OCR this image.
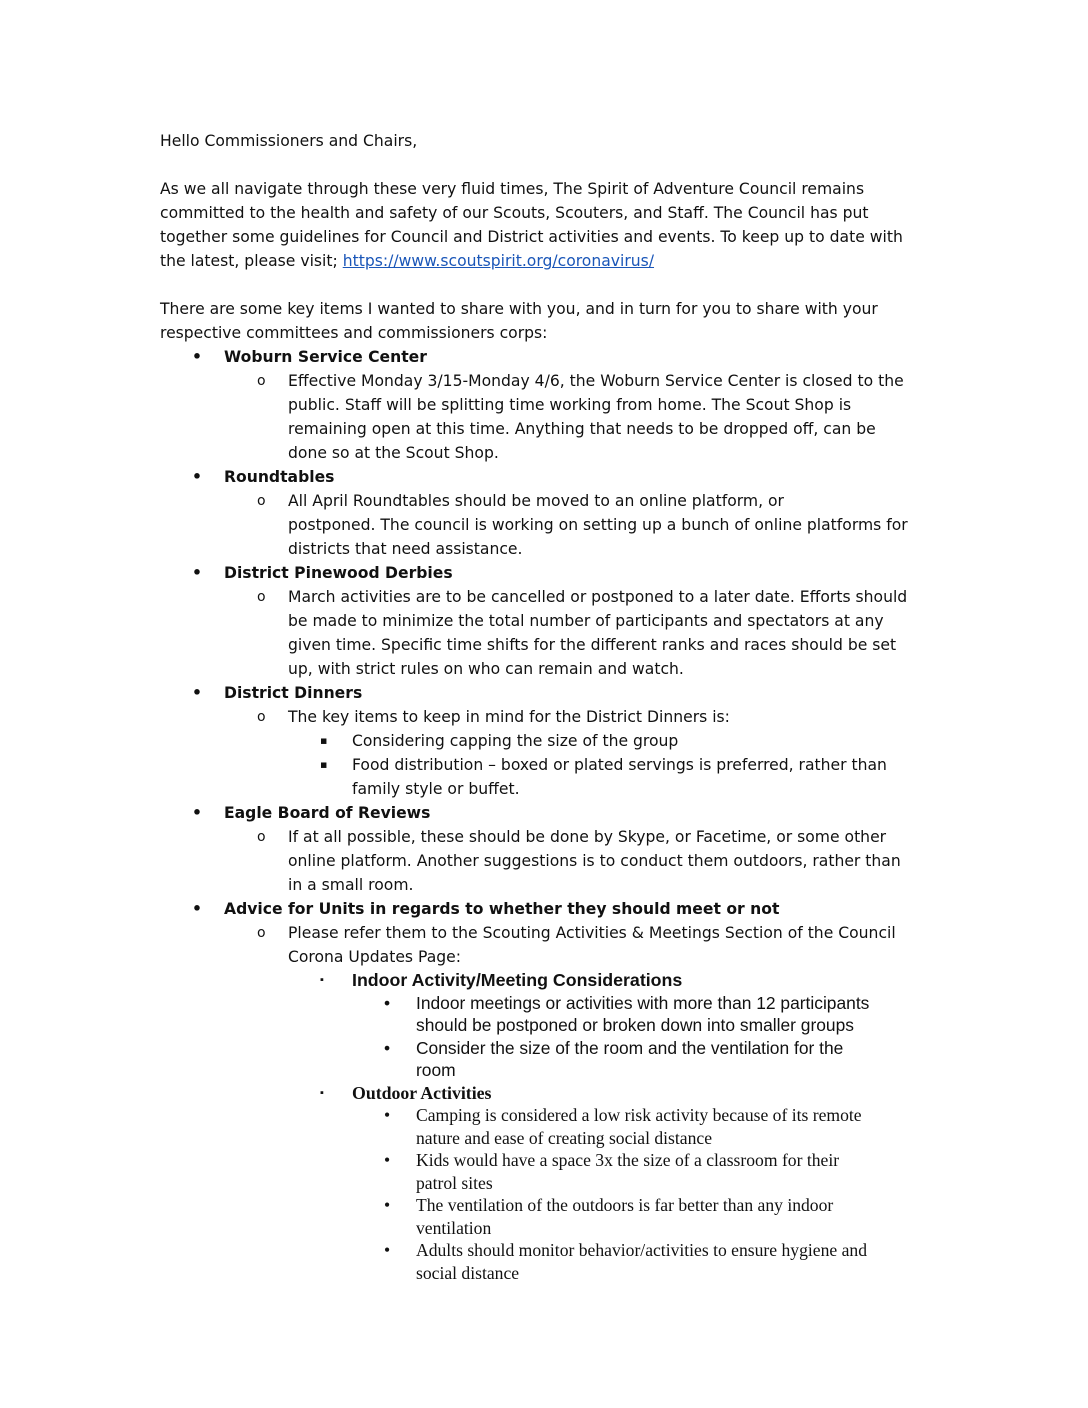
Hello Commissioners and Chairs,

As we all navigate through these very fluid times, The Spirit of Adventure Council remains

committed to the health and safety of our Scouts, Scouters, and Staff. The Council has put

together some guidelines for Council and District activities and events. To keep up to date with

the latest, please visit; https://www.scoutspirit.org/coronavirus/

There are some key items I wanted to share with you, and in turn for you to share with your

respective committees and commissioners corps:

•	Woburn Service Center
o	Effective Monday 3/15-Monday 4/6, the Woburn Service Center is closed to the
public. Staff will be splitting time working from home. The Scout Shop is
remaining open at this time. Anything that needs to be dropped off, can be
done so at the Scout Shop.
•	Roundtables
o	All April Roundtables should be moved to an online platform, or
postponed. The council is working on setting up a bunch of online platforms for
districts that need assistance.
•	District Pinewood Derbies
o	March activities are to be cancelled or postponed to a later date. Efforts should
be made to minimize the total number of participants and spectators at any
given time. Specific time shifts for the different ranks and races should be set
up, with strict rules on who can remain and watch.
•	District Dinners
o	The key items to keep in mind for the District Dinners is:
▪	Considering capping the size of the group
▪	Food distribution – boxed or plated servings is preferred, rather than
family style or buffet.
•	Eagle Board of Reviews
o	If at all possible, these should be done by Skype, or Facetime, or some other
online platform. Another suggestions is to conduct them outdoors, rather than
in a small room.
•	Advice for Units in regards to whether they should meet or not
o	Please refer them to the Scouting Activities & Meetings Section of the Council
Corona Updates Page:
▪	Indoor Activity/Meeting Considerations
•	Indoor meetings or activities with more than 12 participants
should be postponed or broken down into smaller groups
•	Consider the size of the room and the ventilation for the
room
▪	Outdoor Activities
•	Camping is considered a low risk activity because of its remote
nature and ease of creating social distance
•	Kids would have a space 3x the size of a classroom for their
patrol sites
•	The ventilation of the outdoors is far better than any indoor
ventilation
•	Adults should monitor behavior/activities to ensure hygiene and
social distance
